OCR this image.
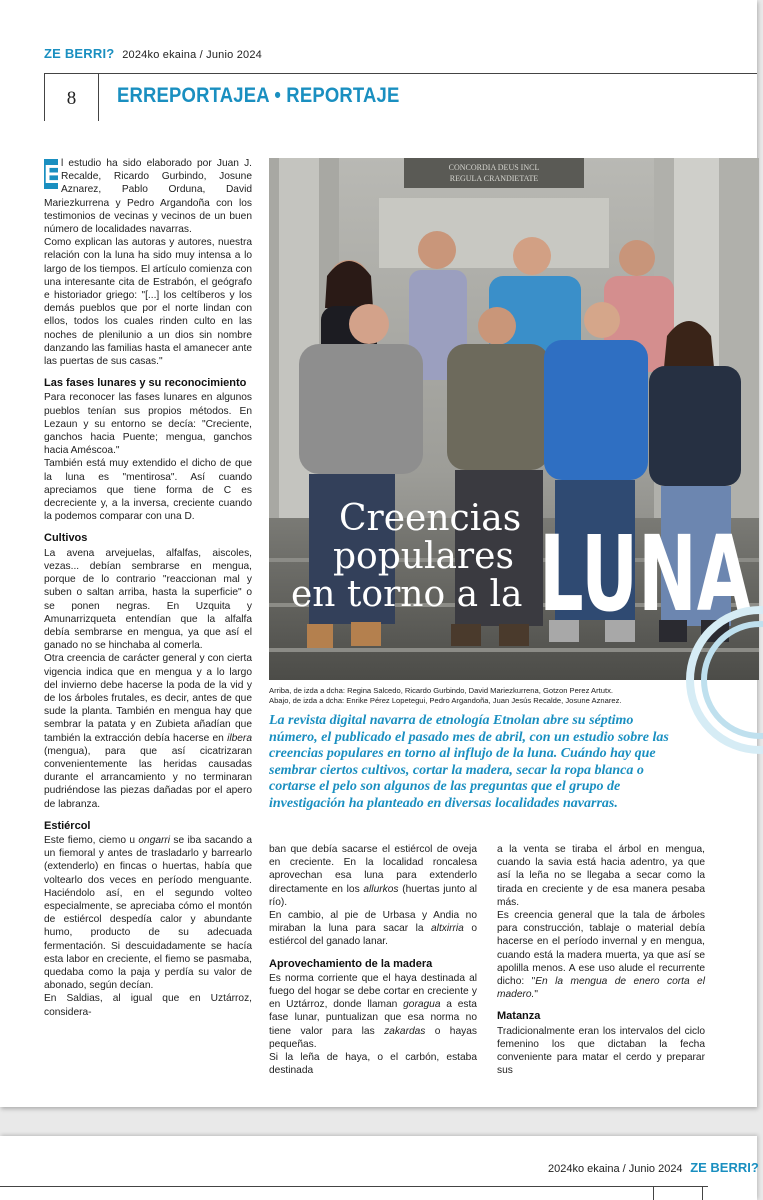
ZE BERRI? 2024ko ekaina / Junio 2024
8	ERREPORTAJEA • REPORTAJE

E l estudio ha sido elaborado por Juan J. Recalde, Ricardo Gurbindo, Josune Aznarez, Pablo Orduna, David Mariezkurrena y Pedro Argandoña con los testimonios de vecinas y vecinos de un buen número de localidades navarras.

Como explican las autoras y autores, nuestra relación con la luna ha sido muy intensa a lo largo de los tiempos. El artículo comienza con una interesante cita de Estrabón, el geógrafo e historiador griego: "[...] los celtíberos y los demás pueblos que por el norte lindan con ellos, todos los cuales rinden culto en las noches de plenilunio a un dios sin nombre danzando las familias hasta el amanecer ante las puertas de sus casas."

Las fases lunares y su reconocimiento

Para reconocer las fases lunares en algunos pueblos tenían sus propios métodos. En Lezaun y su entorno se decía: "Creciente, ganchos hacia Puente; mengua, ganchos hacia Améscoa."

También está muy extendido el dicho de que la luna es "mentirosa". Así cuando apreciamos que tiene forma de C es decreciente y, a la inversa, creciente cuando la podemos comparar con una D.

Cultivos

La avena arvejuelas, alfalfas, aiscoles, vezas... debían sembrarse en mengua, porque de lo contrario "reaccionan mal y suben o saltan arriba, hasta la superficie" o se ponen negras. En Uzquita y Amunarrizqueta entendían que la alfalfa debía sembrarse en mengua, ya que así el ganado no se hinchaba al comerla.

Otra creencia de carácter general y con cierta vigencia indica que en mengua y a lo largo del invierno debe hacerse la poda de la vid y de los árboles frutales, es decir, antes de que sude la planta. También en mengua hay que sembrar la patata y en Zubieta añadían que también la extracción debía hacerse en ilbera (mengua), para que así cicatrizaran convenientemente las heridas causadas durante el arrancamiento y no terminaran pudriéndose las piezas dañadas por el apero de labranza.

Estiércol

Este fiemo, ciemo u ongarri se iba sacando a un fiemoral y antes de trasladarlo y barrearlo (extenderlo) en fincas o huertas, había que voltearlo dos veces en período menguante. Haciéndolo así, en el segundo volteo especialmente, se apreciaba cómo el montón de estiércol despedía calor y abundante humo, producto de su adecuada fermentación. Si descuidadamente se hacía esta labor en creciente, el fiemo se pasmaba, quedaba como la paja y perdía su valor de abonado, según decían.

En Saldias, al igual que en Uztárroz, considera-

CONCORDIA DEUS INCL
REGULA CRANDIETATE
Creencias
populares
en torno a la LUNA
Arriba, de izda a dcha: Regina Salcedo, Ricardo Gurbindo, David Mariezkurrena, Gotzon Perez Artutx.
Abajo, de izda a dcha: Enrike Pérez Lopetegui, Pedro Argandoña, Juan Jesús Recalde, Josune Aznarez.
La revista digital navarra de etnología Etnolan abre su séptimo número, el publicado el pasado mes de abril, con un estudio sobre las creencias populares en torno al influjo de la luna. Cuándo hay que sembrar ciertos cultivos, cortar la madera, secar la ropa blanca o cortarse el pelo son algunos de las preguntas que el grupo de investigación ha planteado en diversas localidades navarras.

ban que debía sacarse el estiércol de oveja en creciente. En la localidad roncalesa aprovechan esa luna para extenderlo directamente en los allurkos (huertas junto al río).

En cambio, al pie de Urbasa y Andia no miraban la luna para sacar la altxirria o estiércol del ganado lanar.

Aprovechamiento de la madera

Es norma corriente que el haya destinada al fuego del hogar se debe cortar en creciente y en Uztárroz, donde llaman goragua a esta fase lunar, puntualizan que esa norma no tiene valor para las zakardas o hayas pequeñas.

Si la leña de haya, o el carbón, estaba destinada

a la venta se tiraba el árbol en mengua, cuando la savia está hacia adentro, ya que así la leña no se llegaba a secar como la tirada en creciente y de esa manera pesaba más.

Es creencia general que la tala de árboles para construcción, tablaje o material debía hacerse en el período invernal y en mengua, cuando está la madera muerta, ya que así se apolilla menos. A ese uso alude el recurrente dicho: "En la mengua de enero corta el madero."

Matanza

Tradicionalmente eran los intervalos del ciclo femenino los que dictaban la fecha conveniente para matar el cerdo y preparar sus

2024ko ekaina / Junio 2024 ZE BERRI?
